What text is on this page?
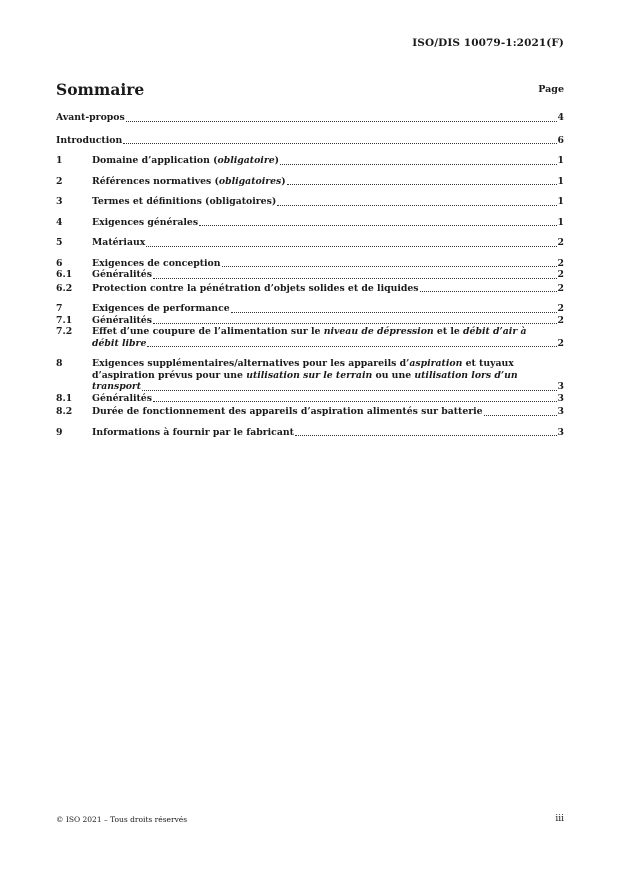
ISO/DIS 10079-1:2021(F)
Sommaire	Page
Avant-propos	4
Introduction	6
1	Domaine d’application (obligatoire)	1
2	Références normatives (obligatoires)	1
3	Termes et définitions (obligatoires)	1
4	Exigences générales	1
5	Matériaux	2
6	Exigences de conception	2
6.1	Généralités	2
6.2	Protection contre la pénétration d’objets solides et de liquides	2
7	Exigences de performance	2
7.1	Généralités	2
7.2	Effet d’une coupure de l’alimentation sur le niveau de dépression et le débit d’air à
débit libre	2
8	Exigences supplémentaires/alternatives pour les appareils d’aspiration et tuyaux
d’aspiration prévus pour une utilisation sur le terrain ou une utilisation lors d’un
transport	3
8.1	Généralités	3
8.2	Durée de fonctionnement des appareils d’aspiration alimentés sur batterie	3
9	Informations à fournir par le fabricant	3
© ISO 2021 – Tous droits réservés	iii
